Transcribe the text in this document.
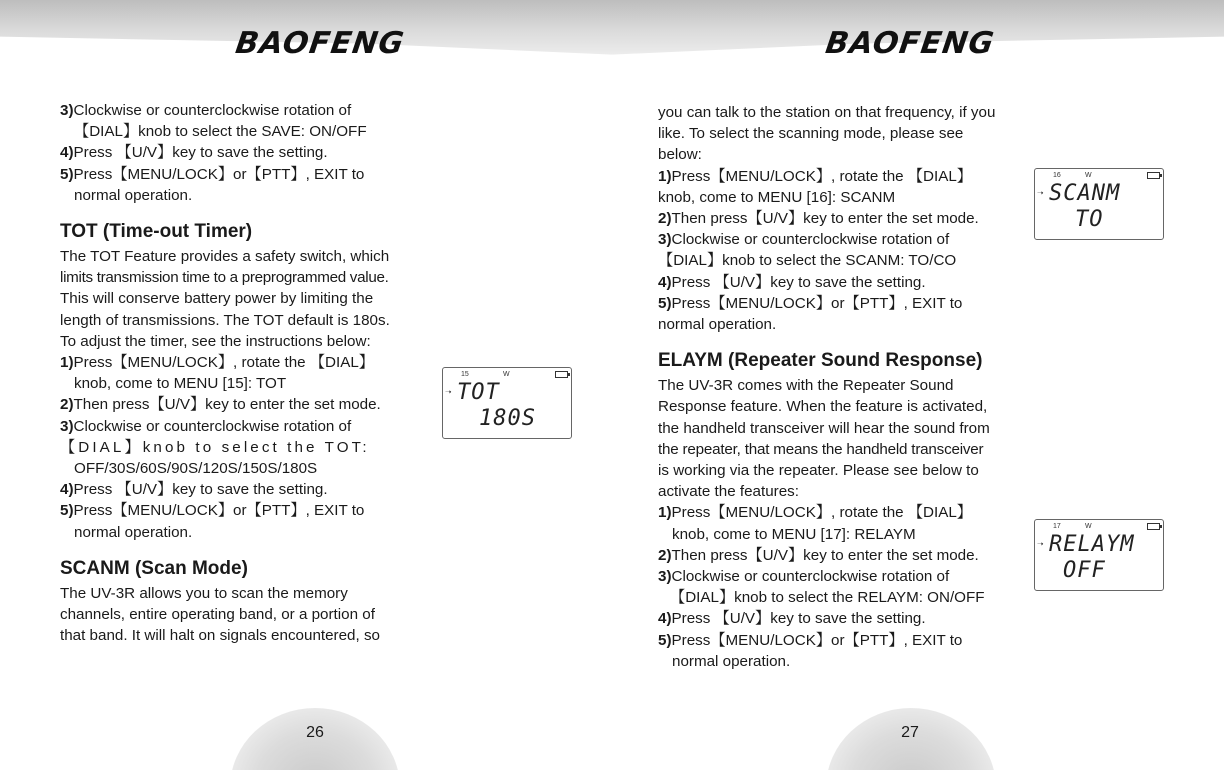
BAOFENG

3)Clockwise or counterclockwise rotation of

【DIAL】knob to select the SAVE: ON/OFF

4)Press 【U/V】key to save the setting.

5)Press【MENU/LOCK】or【PTT】, EXIT to

normal operation.

TOT (Time-out Timer)

The TOT Feature provides a safety switch, which

limits transmission time to a preprogrammed value.

This will conserve battery power by limiting the

length of transmissions. The TOT default is 180s.

To adjust the timer, see the instructions below:

1)Press【MENU/LOCK】, rotate the 【DIAL】

knob, come to MENU [15]: TOT

2)Then press【U/V】key to enter the set mode.

3)Clockwise or counterclockwise rotation of

【DIAL】knob to select the TOT:

OFF/30S/60S/90S/120S/150S/180S

4)Press 【U/V】key to save the setting.

5)Press【MENU/LOCK】or【PTT】, EXIT to

normal operation.

SCANM (Scan Mode)

The UV-3R allows you to scan the memory

channels, entire operating band, or a portion of

that band. It will halt on signals encountered, so

➝
15	W
TOT
180S
26
BAOFENG

you can talk to the station on that frequency, if you

like. To select the scanning mode, please see

below:

1)Press【MENU/LOCK】, rotate the 【DIAL】

knob, come to MENU [16]: SCANM

2)Then press【U/V】key to enter the set mode.

3)Clockwise or counterclockwise rotation of

【DIAL】knob to select the SCANM: TO/CO

4)Press 【U/V】key to save the setting.

5)Press【MENU/LOCK】or【PTT】, EXIT to

normal operation.

ELAYM (Repeater Sound Response)

The UV-3R comes with the Repeater Sound

Response feature. When the feature is activated,

the handheld transceiver will hear the sound from

the repeater, that means the handheld transceiver

is working via the repeater. Please see below to

activate the features:

1)Press【MENU/LOCK】, rotate the 【DIAL】

knob, come to MENU [17]: RELAYM

2)Then press【U/V】key to enter the set mode.

3)Clockwise or counterclockwise rotation of

【DIAL】knob to select the RELAYM: ON/OFF

4)Press 【U/V】key to save the setting.

5)Press【MENU/LOCK】or【PTT】, EXIT to

normal operation.

➝
16	W
SCANM
TO
➝
17	W
RELAYM
OFF
27
